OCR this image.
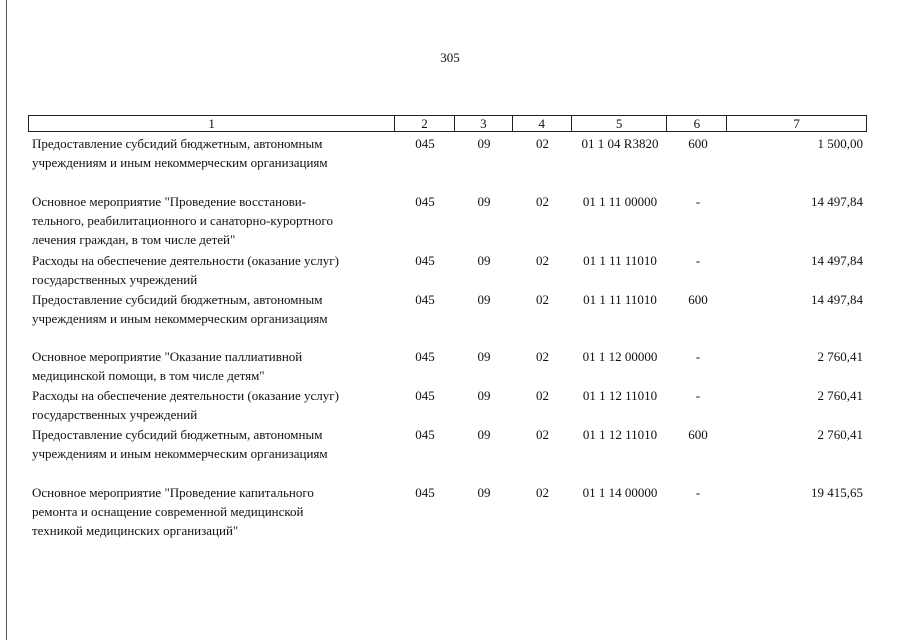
305
1	2	3	4	5	6	7
Предоставление субсидий бюджетным, автономным
учреждениям и иным некоммерческим организациям
045	09	02	01 1 04 R3820	600	1 500,00
Основное мероприятие "Проведение восстанови-
тельного, реабилитационного и санаторно-курортного
лечения граждан, в том числе детей"
045	09	02	01 1 11 00000	-	14 497,84
Расходы на обеспечение деятельности (оказание услуг)
государственных учреждений
045	09	02	01 1 11 11010	-	14 497,84
Предоставление субсидий бюджетным, автономным
учреждениям и иным некоммерческим организациям
045	09	02	01 1 11 11010	600	14 497,84
Основное мероприятие "Оказание паллиативной
медицинской помощи, в том числе детям"
045	09	02	01 1 12 00000	-	2 760,41
Расходы на обеспечение деятельности (оказание услуг)
государственных учреждений
045	09	02	01 1 12 11010	-	2 760,41
Предоставление субсидий бюджетным, автономным
учреждениям и иным некоммерческим организациям
045	09	02	01 1 12 11010	600	2 760,41
Основное мероприятие "Проведение капитального
ремонта и оснащение современной медицинской
техникой медицинских организаций"
045	09	02	01 1 14 00000	-	19 415,65
